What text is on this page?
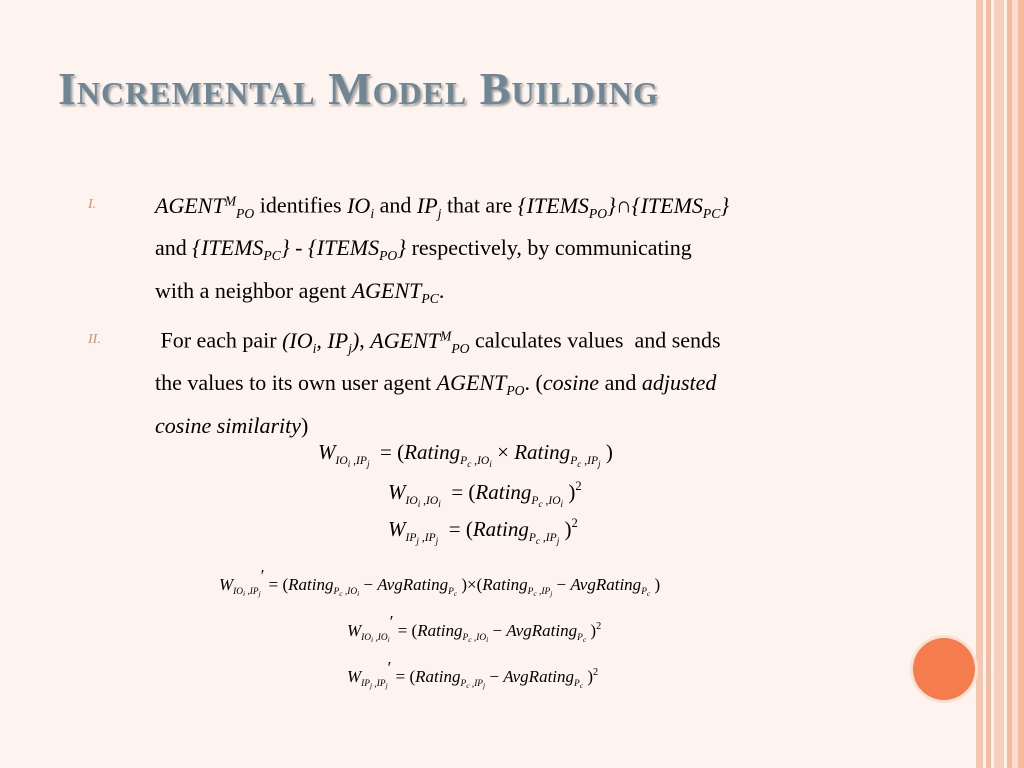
Incremental Model Building
I.	$AGENT^M_{PO}$ identifies $IO_i$ and $IP_j$ that are $\{ITEMS_{PO}\}\cap\{ITEMS_{PC}\}$
and $\{ITEMS_{PC}\}$ - $\{ITEMS_{PO}\}$ respectively, by communicating
with a neighbor agent $AGENT_{PC}$.
II. For each pair ($IO_i$, $IP_j$), $AGENT^M_{PO}$ calculates values  and sends
the values to its own user agent $AGENT_{PO}$. (cosine and adjusted
cosine similarity)
$W_{IO_i ,IP_j}$  = (Rating$_{P_c ,IO_i}$ × Rating$_{P_c ,IP_j}$ )
$W_{IO_i ,IO_i}$  = (Rating$_{P_c ,IO_i}$ )$^2$
$W_{IP_j ,IP_j}$  = (Rating$_{P_c ,IP_j}$ )$^2$
$W_{IO_i ,IP_j}'$ = (Rating$_{P_c ,IO_i}$ − AvgRating$_{P_c}$ )×(Rating$_{P_c ,IP_j}$ − AvgRating$_{P_c}$ )
$W_{IO_i ,IO_i}'$ = (Rating$_{P_c ,IO_i}$ − AvgRating$_{P_c}$ )$^2$
$W_{IP_j ,IP_j}'$ = (Rating$_{P_c ,IP_j}$ − AvgRating$_{P_c}$ )$^2$
